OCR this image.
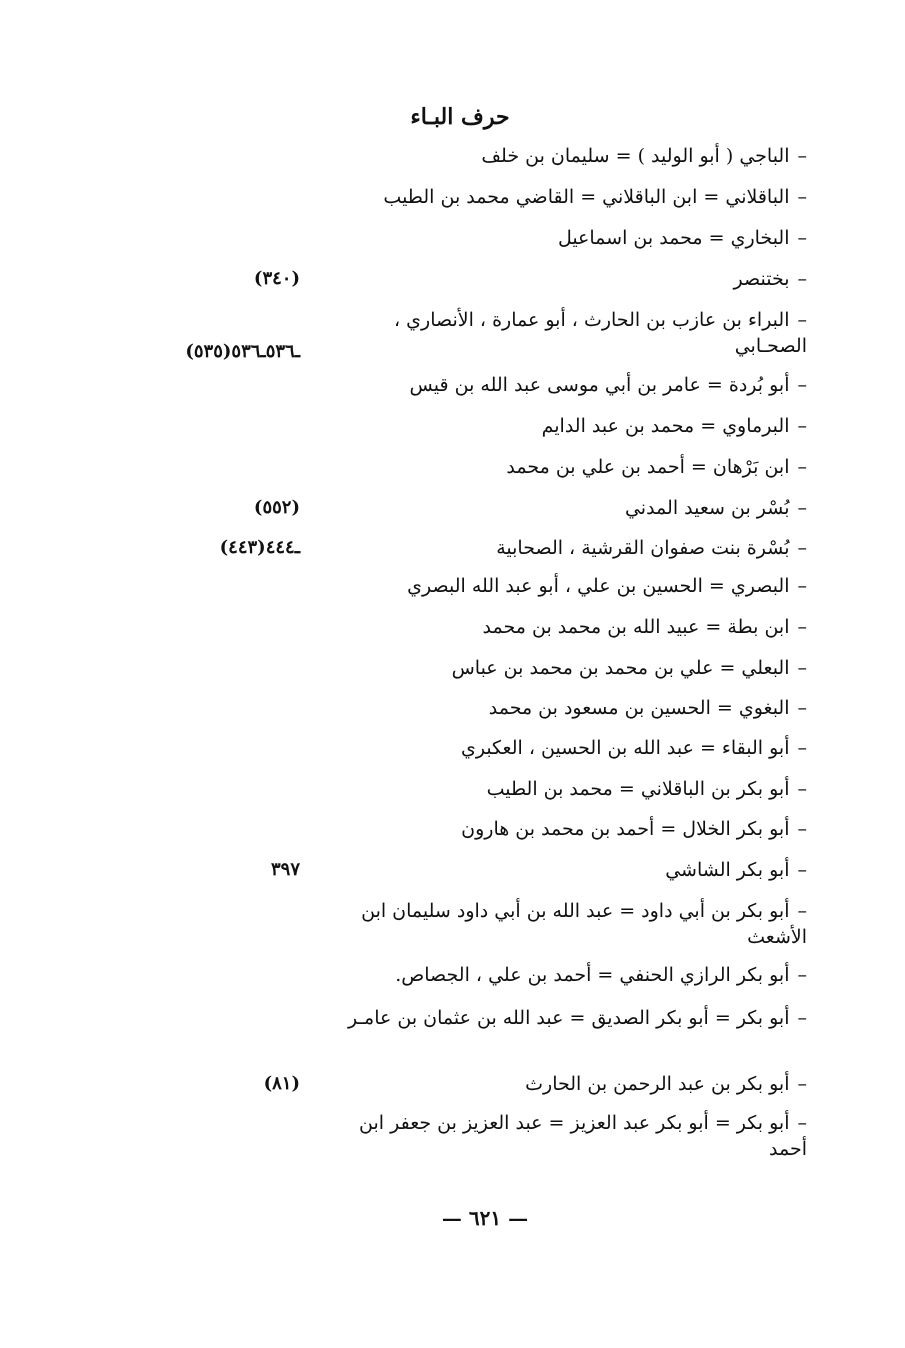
حرف البـاء
–الباجي ( أبو الوليد ) = سليمان بن خلف
–الباقلاني = ابن الباقلاني = القاضي محمد بن الطيب
–البخاري = محمد بن اسماعيل
–بختنصر
(٣٤٠)
–البراء بن عازب بن الحارث ، أبو عمارة ، الأنصاري ، الصحـابي
(٥٣٥)ـ٥٣٦ـ٥٣٦
–أبو بُردة = عامر بن أبي موسى عبد الله بن قيس
–البرماوي = محمد بن عبد الدايم
–ابن بَرْهان = أحمد بن علي بن محمد
–بُسْر بن سعيد المدني
(٥٥٢)
–بُسْرة بنت صفوان القرشية ، الصحابية
(٤٤٣)ـ٤٤٤
–البصري = الحسين بن علي ، أبو عبد الله البصري
–ابن بطة = عبيد الله بن محمد بن محمد
–البعلي = علي بن محمد بن محمد بن عباس
–البغوي = الحسين بن مسعود بن محمد
–أبو البقاء = عبد الله بن الحسين ، العكبري
–أبو بكر بن الباقلاني = محمد بن الطيب
–أبو بكر الخلال = أحمد بن محمد بن هارون
–أبو بكر الشاشي
٣٩٧
–أبو بكر بن أبي داود = عبد الله بن أبي داود سليمان ابن الأشعث
–أبو بكر الرازي الحنفي = أحمد بن علي ، الجصاص.
–أبو بكر = أبو بكر الصديق = عبد الله بن عثمان بن عامـر
–أبو بكر بن عبد الرحمن بن الحارث
(٨١)
–أبو بكر = أبو بكر عبد العزيز = عبد العزيز بن جعفر ابن أحمد
— ٦٢١ —
